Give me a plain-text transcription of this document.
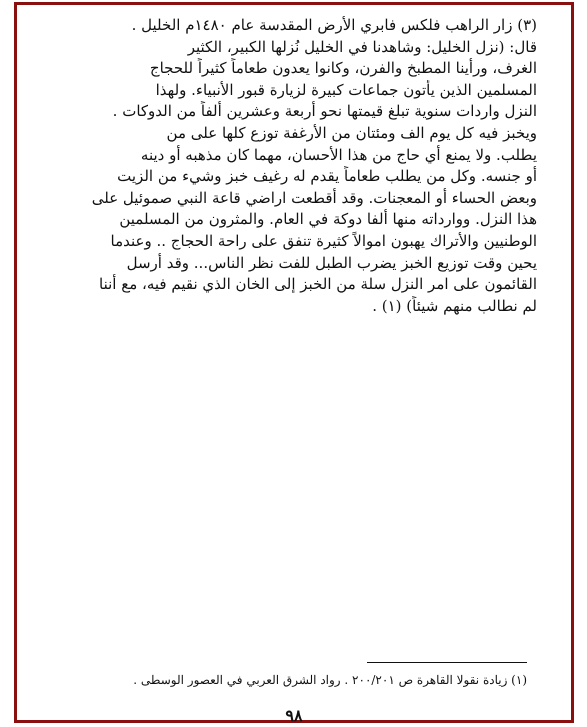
(٣) زار الراهب فلكس فابري الأرض المقدسة عام ١٤٨٠م الخليل .
قال: (نزل الخليل: وشاهدنا في الخليل نُزلها الكبير، الكثير
الغرف، ورأينا المطبخ والفرن، وكانوا يعدون طعاماً كثيراً للحجاج
المسلمين الذين يأتون جماعات كبيرة لزيارة قبور الأنبياء. ولهذا
النزل واردات سنوية تبلغ قيمتها نحو أربعة وعشرين ألفاً من الدوكات .
ويخبز فيه كل يوم الف ومئتان من الأرغفة توزع كلها على من
يطلب. ولا يمنع أي حاج من هذا الأحسان، مهما كان مذهبه أو دينه
أو جنسه. وكل من يطلب طعاماً يقدم له رغيف خبز وشيء من الزيت
وبعض الحساء أو المعجنات. وقد أقطعت اراضي قاعة النبي صموئيل على
هذا النزل. ووارداته منها ألفا دوكة في العام. والمثرون من المسلمين
الوطنيين والأتراك يهبون اموالاً كثيرة تنفق على راحة الحجاج .. وعندما
يحين وقت توزيع الخبز يضرب الطبل للفت نظر الناس... وقد أرسل
القائمون على امر النزل سلة من الخبز إلى الخان الذي نقيم فيه، مع أننا
لم نطالب منهم شيئاً) (١) .
(١) زيادة نقولا القاهرة ص ٢٠٠/٢٠١ . رواد الشرق العربي في العصور الوسطى .
٩٨
